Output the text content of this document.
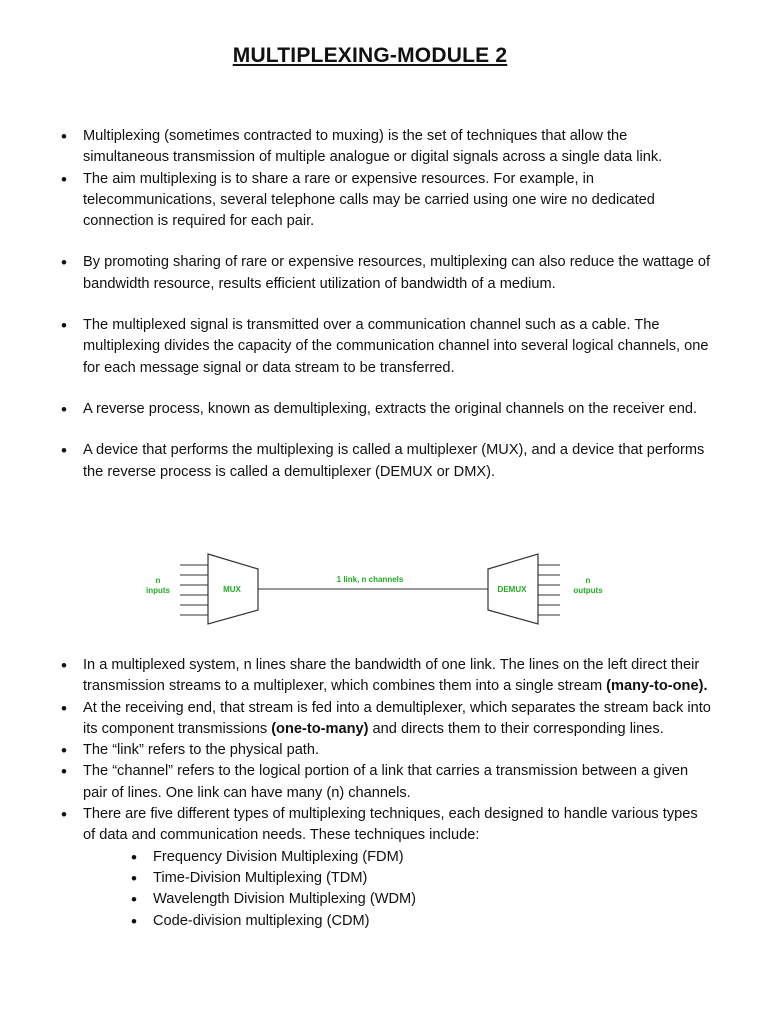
MULTIPLEXING-MODULE 2
• Multiplexing (sometimes contracted to muxing) is the set of techniques that allow the simultaneous transmission of multiple analogue or digital signals across a single data link.
• The aim multiplexing is to share a rare or expensive resources. For example, in telecommunications, several telephone calls may be carried using one wire no dedicated connection is required for each pair.
• By promoting sharing of rare or expensive resources, multiplexing can also reduce the wattage of bandwidth resource, results efficient utilization of bandwidth of a medium.
• The multiplexed signal is transmitted over a communication channel such as a cable. The multiplexing divides the capacity of the communication channel into several logical channels, one for each message signal or data stream to be transferred.
• A reverse process, known as demultiplexing, extracts the original channels on the receiver end.
• A device that performs the multiplexing is called a multiplexer (MUX), and a device that performs the reverse process is called a demultiplexer (DEMUX or DMX).
n
inputs	MUX
1 link, n channels
DEMUX
n
outputs
• In a multiplexed system, n lines share the bandwidth of one link. The lines on the left direct their transmission streams to a multiplexer, which combines them into a single stream (many-to-one).
• At the receiving end, that stream is fed into a demultiplexer, which separates the stream back into its component transmissions (one-to-many) and directs them to their corresponding lines.
• The “link” refers to the physical path.
• The “channel” refers to the logical portion of a link that carries a transmission between a given pair of lines. One link can have many (n) channels.
• There are five different types of multiplexing techniques, each designed to handle various types of data and communication needs. These techniques include:
• Frequency Division Multiplexing (FDM)
• Time-Division Multiplexing (TDM)
• Wavelength Division Multiplexing (WDM)
• Code-division multiplexing (CDM)
